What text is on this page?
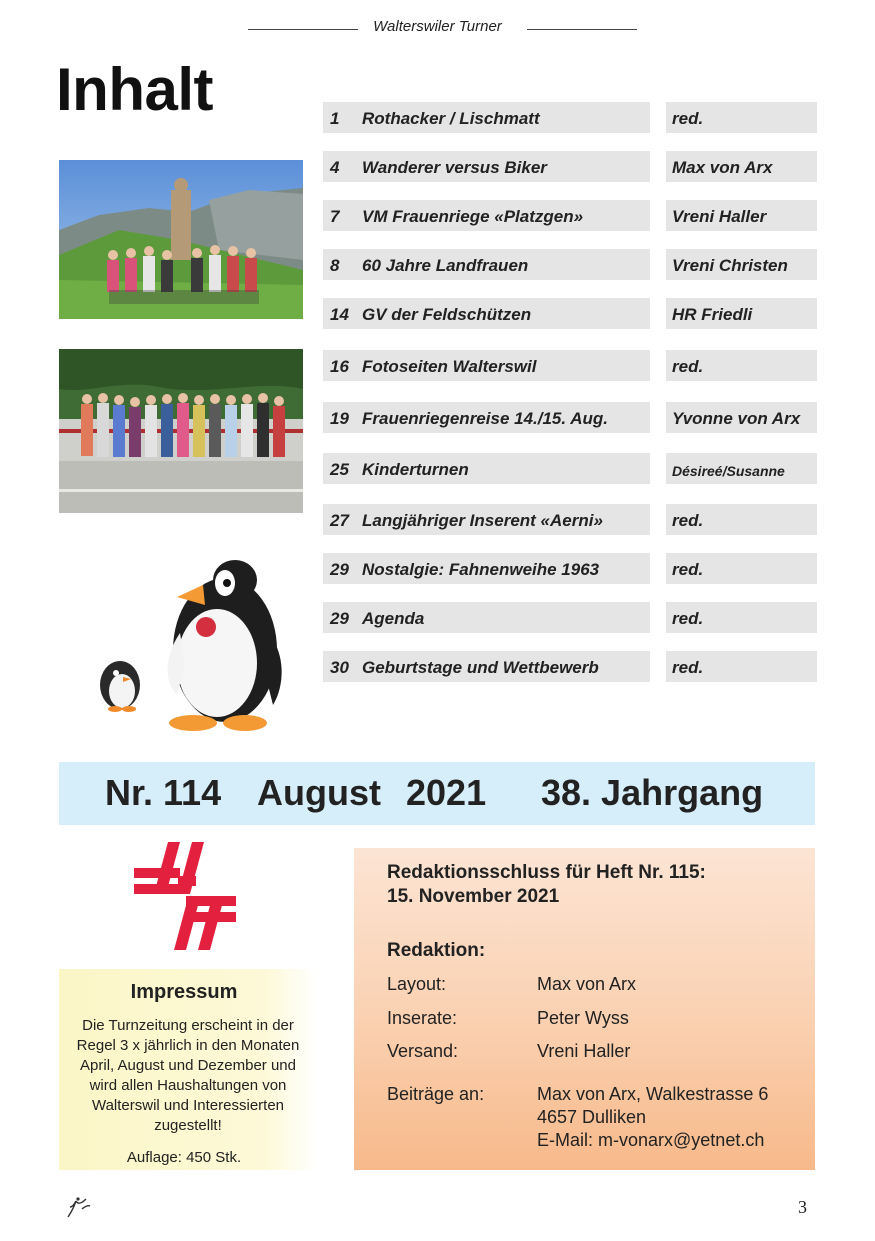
Walterswiler Turner
Inhalt	1 Rothacker / Lischmatt	red.
4 Wanderer versus Biker	Max von Arx
7 VM Frauenriege «Platzgen»	Vreni Haller
8 60 Jahre Landfrauen	Vreni Christen
14 GV der Feldschützen	HR Friedli
16 Fotoseiten Walterswil	red.
19 Frauenriegenreise 14./15. Aug.	Yvonne von Arx
25 Kinderturnen	Désireé/Susanne
27 Langjähriger Inserent «Aerni»	red.
29 Nostalgie: Fahnenweihe 1963	red.
29 Agenda	red.
30 Geburtstage und Wettbewerb	red.
Nr. 114 August 2021 38. Jahrgang
Impressum
Die Turnzeitung erscheint in der Regel 3 x jährlich in den Monaten April, August und Dezember und wird allen Haushaltungen von Walterswil und Interessierten zugestellt!
Auflage: 450 Stk.
Redaktionsschluss für Heft Nr. 115:
15. November 2021
Redaktion:
Layout:	Max von Arx
Inserate:	Peter Wyss
Versand:	Vreni Haller
Beiträge an:	Max von Arx, Walkestrasse 6
4657 Dulliken
E-Mail: m-vonarx@yetnet.ch
3
